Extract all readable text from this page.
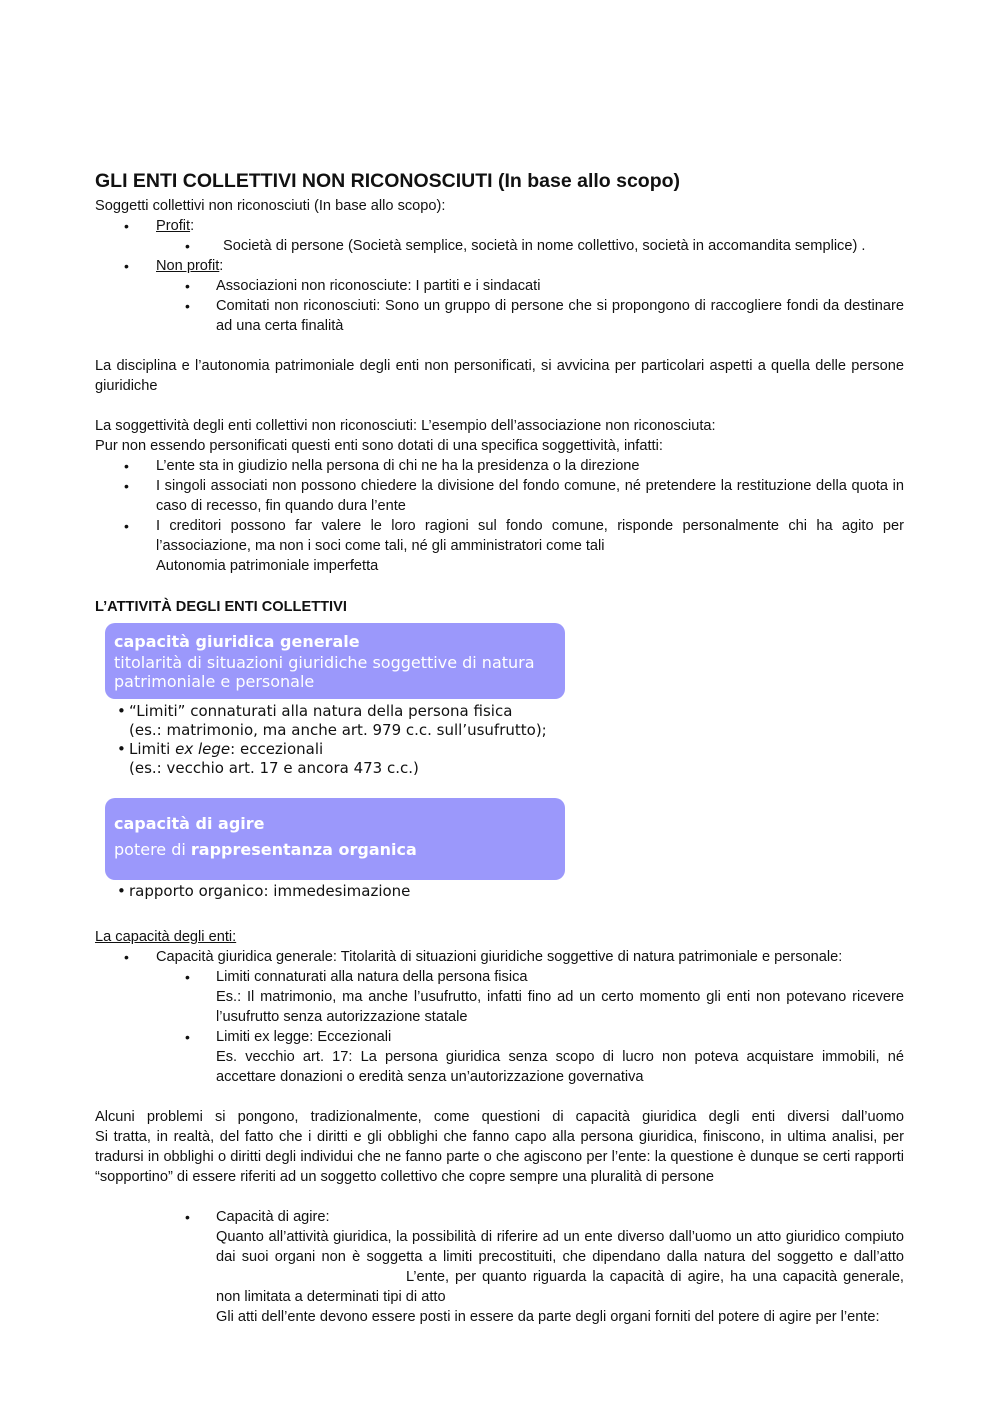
GLI ENTI COLLETTIVI NON RICONOSCIUTI (In base allo scopo)

Soggetti collettivi non riconosciuti (In base allo scopo):

•
Profit:
•
Società di persone (Società semplice, società in nome collettivo, società in accomandita semplice) .
•
Non profit:
•
Associazioni non riconosciute: I partiti e i sindacati
•
Comitati non riconosciuti: Sono un gruppo di persone che si propongono di raccogliere fondi da destinare ad una certa finalità

La disciplina e l’autonomia patrimoniale degli enti non personificati, si avvicina per particolari aspetti a quella delle persone giuridiche

La soggettività degli enti collettivi non riconosciuti: L’esempio dell’associazione non riconosciuta:

Pur non essendo personificati questi enti sono dotati di una specifica soggettività, infatti:

•
L’ente sta in giudizio nella persona di chi ne ha la presidenza o la direzione
•
I singoli associati non possono chiedere la divisione del fondo comune, né pretendere la restituzione della quota in caso di recesso, fin quando dura l’ente
•
I creditori possono far valere le loro ragioni sul fondo comune, risponde personalmente chi ha agito per l’associazione, ma non i soci come tali, né gli amministratori come tali
Autonomia patrimoniale imperfetta
L’ATTIVITÀ DEGLI ENTI COLLETTIVI
capacità giuridica generale
titolarità di situazioni giuridiche soggettive di natura patrimoniale e personale
•
“Limiti” connaturati alla natura della persona fisica
(es.: matrimonio, ma anche art. 979 c.c. sull’usufrutto);
•
Limiti ex lege: eccezionali
(es.: vecchio art. 17 e ancora 473 c.c.)
capacità di agire
potere di rappresentanza organica
•
rapporto organico: immedesimazione

La capacità degli enti:

•
Capacità giuridica generale: Titolarità di situazioni giuridiche soggettive di natura patrimoniale e personale:
•
Limiti connaturati alla natura della persona fisica
Es.: Il matrimonio, ma anche l’usufrutto, infatti fino ad un certo momento gli enti non potevano ricevere l’usufrutto senza autorizzazione statale
•
Limiti ex legge: Eccezionali
Es. vecchio art. 17: La persona giuridica senza scopo di lucro non poteva acquistare immobili, né accettare donazioni o eredità senza un’autorizzazione governativa

Alcuni problemi si pongono, tradizionalmente, come questioni di capacità giuridica degli enti diversi dall’uomo

Si tratta, in realtà, del fatto che i diritti e gli obblighi che fanno capo alla persona giuridica, finiscono, in ultima analisi, per tradursi in obblighi o diritti degli individui che ne fanno parte o che agiscono per l’ente: la questione è dunque se certi rapporti “sopportino” di essere riferiti ad un soggetto collettivo che copre sempre una pluralità di persone

•
Capacità di agire:
Quanto all’attività giuridica, la possibilità di riferire ad un ente diverso dall’uomo un atto giuridico compiuto dai suoi organi non è soggetta a limiti precostituiti, che dipendano dalla natura del soggetto e dall’attoL’ente, per quanto riguarda la capacità di agire, ha una capacità generale, non limitata a determinati tipi di atto
Gli atti dell’ente devono essere posti in essere da parte degli organi forniti del potere di agire per l’ente:
